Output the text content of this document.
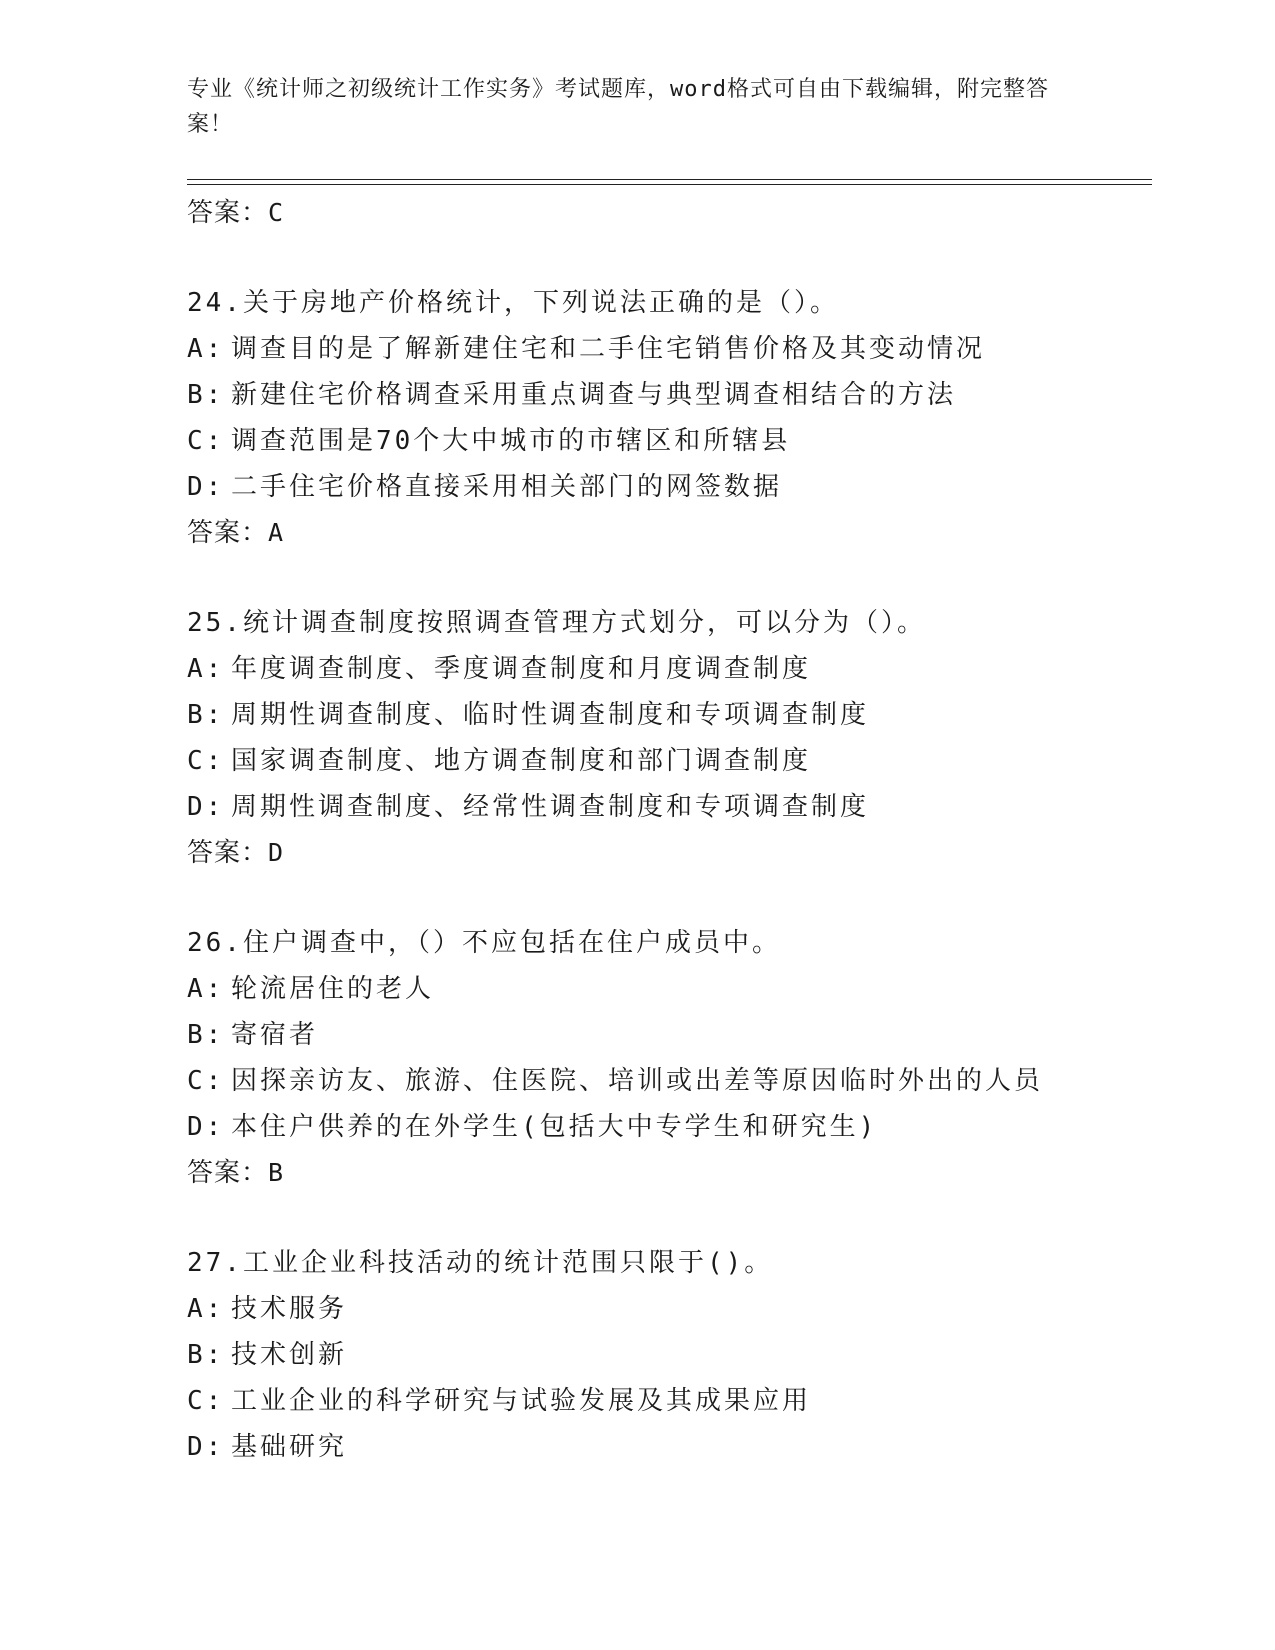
专业《统计师之初级统计工作实务》考试题库，word格式可自由下载编辑，附完整答案！
答案：C
24.关于房地产价格统计，下列说法正确的是（）。
A: 调查目的是了解新建住宅和二手住宅销售价格及其变动情况
B: 新建住宅价格调查采用重点调查与典型调查相结合的方法
C: 调查范围是70个大中城市的市辖区和所辖县
D: 二手住宅价格直接采用相关部门的网签数据
答案：A
25.统计调查制度按照调查管理方式划分，可以分为（）。
A: 年度调查制度、季度调查制度和月度调查制度
B: 周期性调查制度、临时性调查制度和专项调查制度
C: 国家调查制度、地方调查制度和部门调查制度
D: 周期性调查制度、经常性调查制度和专项调查制度
答案：D
26.住户调查中，（）不应包括在住户成员中。
A: 轮流居住的老人
B: 寄宿者
C: 因探亲访友、旅游、住医院、培训或出差等原因临时外出的人员
D: 本住户供养的在外学生(包括大中专学生和研究生)
答案：B
27.工业企业科技活动的统计范围只限于()。
A: 技术服务
B: 技术创新
C: 工业企业的科学研究与试验发展及其成果应用
D: 基础研究
